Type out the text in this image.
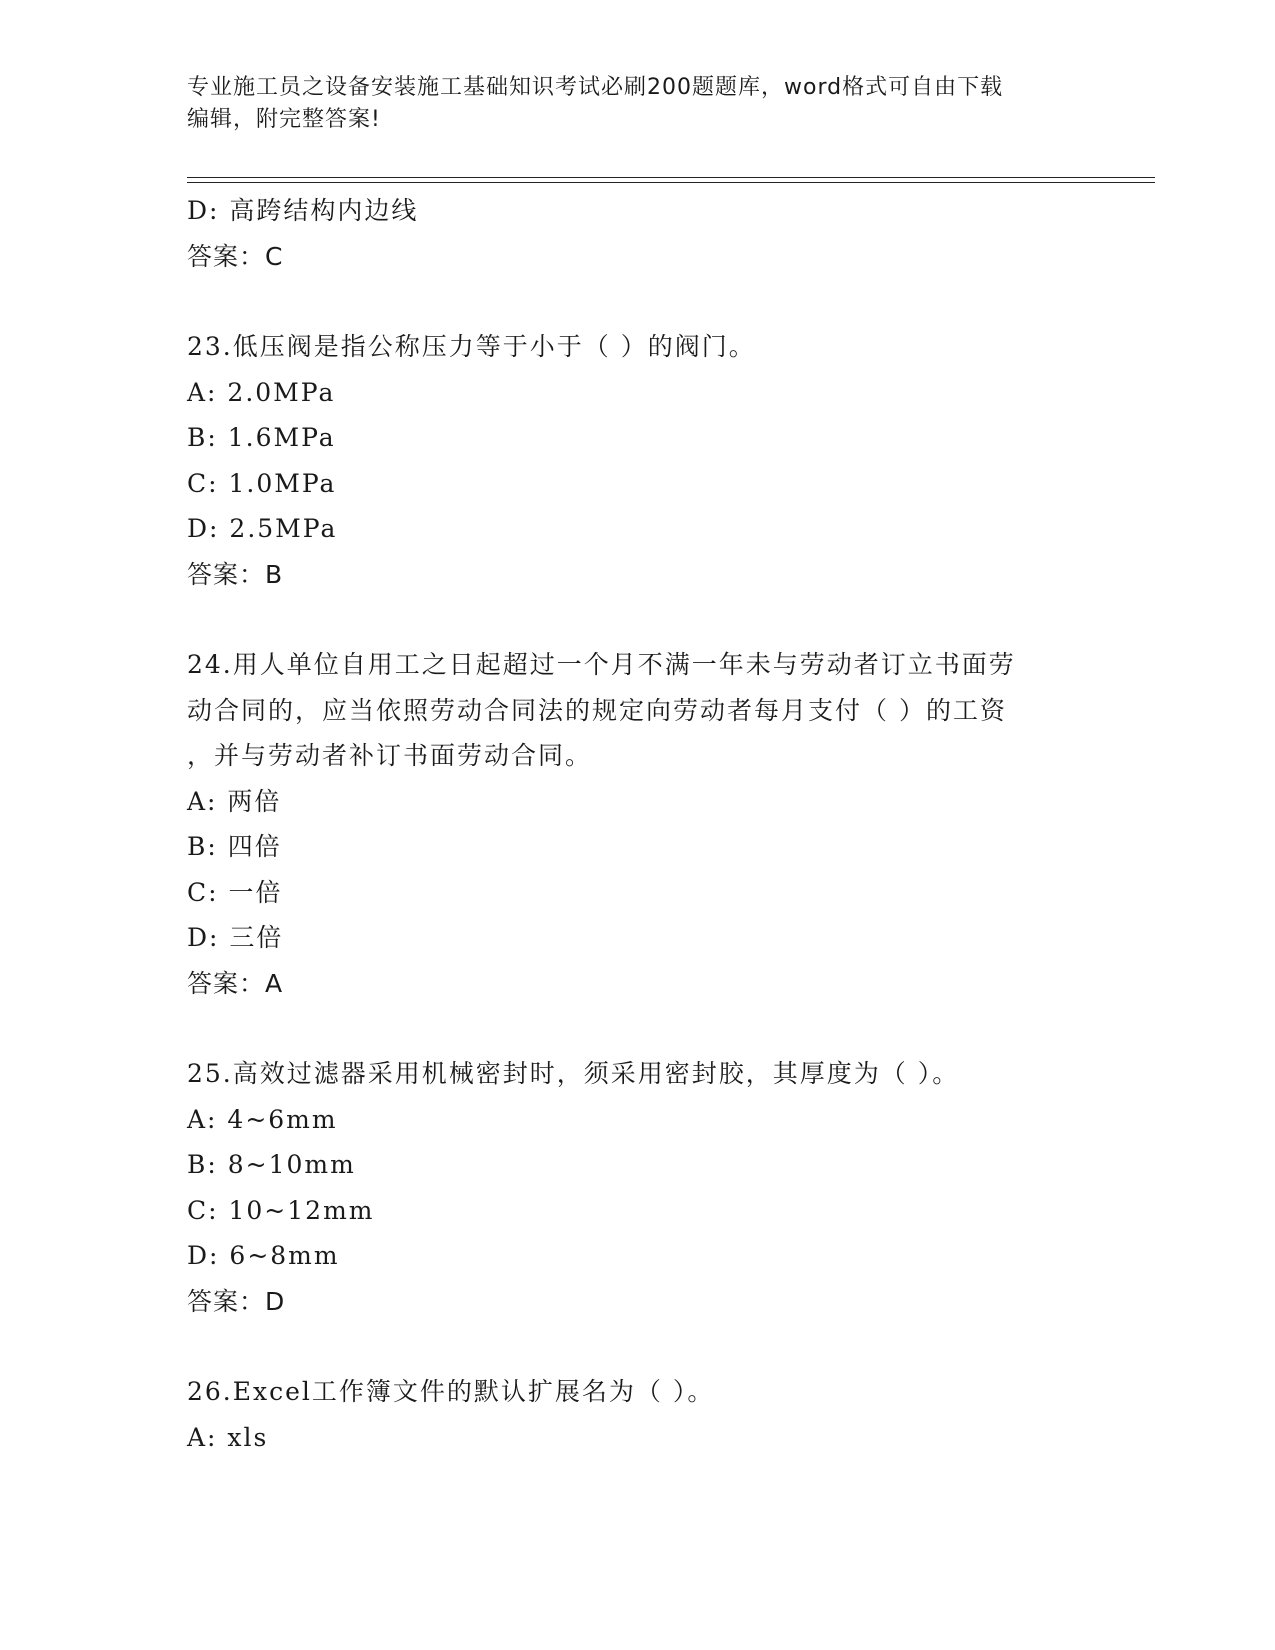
专业施工员之设备安装施工基础知识考试必刷200题题库，word格式可自由下载
编辑，附完整答案!
D: 高跨结构内边线
答案：C
23.低压阀是指公称压力等于小于（ ）的阀门。
A: 2.0MPa
B: 1.6MPa
C: 1.0MPa
D: 2.5MPa
答案：B
24.用人单位自用工之日起超过一个月不满一年未与劳动者订立书面劳
动合同的，应当依照劳动合同法的规定向劳动者每月支付（ ）的工资
，并与劳动者补订书面劳动合同。
A: 两倍
B: 四倍
C: 一倍
D: 三倍
答案：A
25.高效过滤器采用机械密封时，须采用密封胶，其厚度为（ ）。
A: 4~6mm
B: 8~10mm
C: 10~12mm
D: 6~8mm
答案：D
26.Excel工作簿文件的默认扩展名为（ ）。
A: xls
